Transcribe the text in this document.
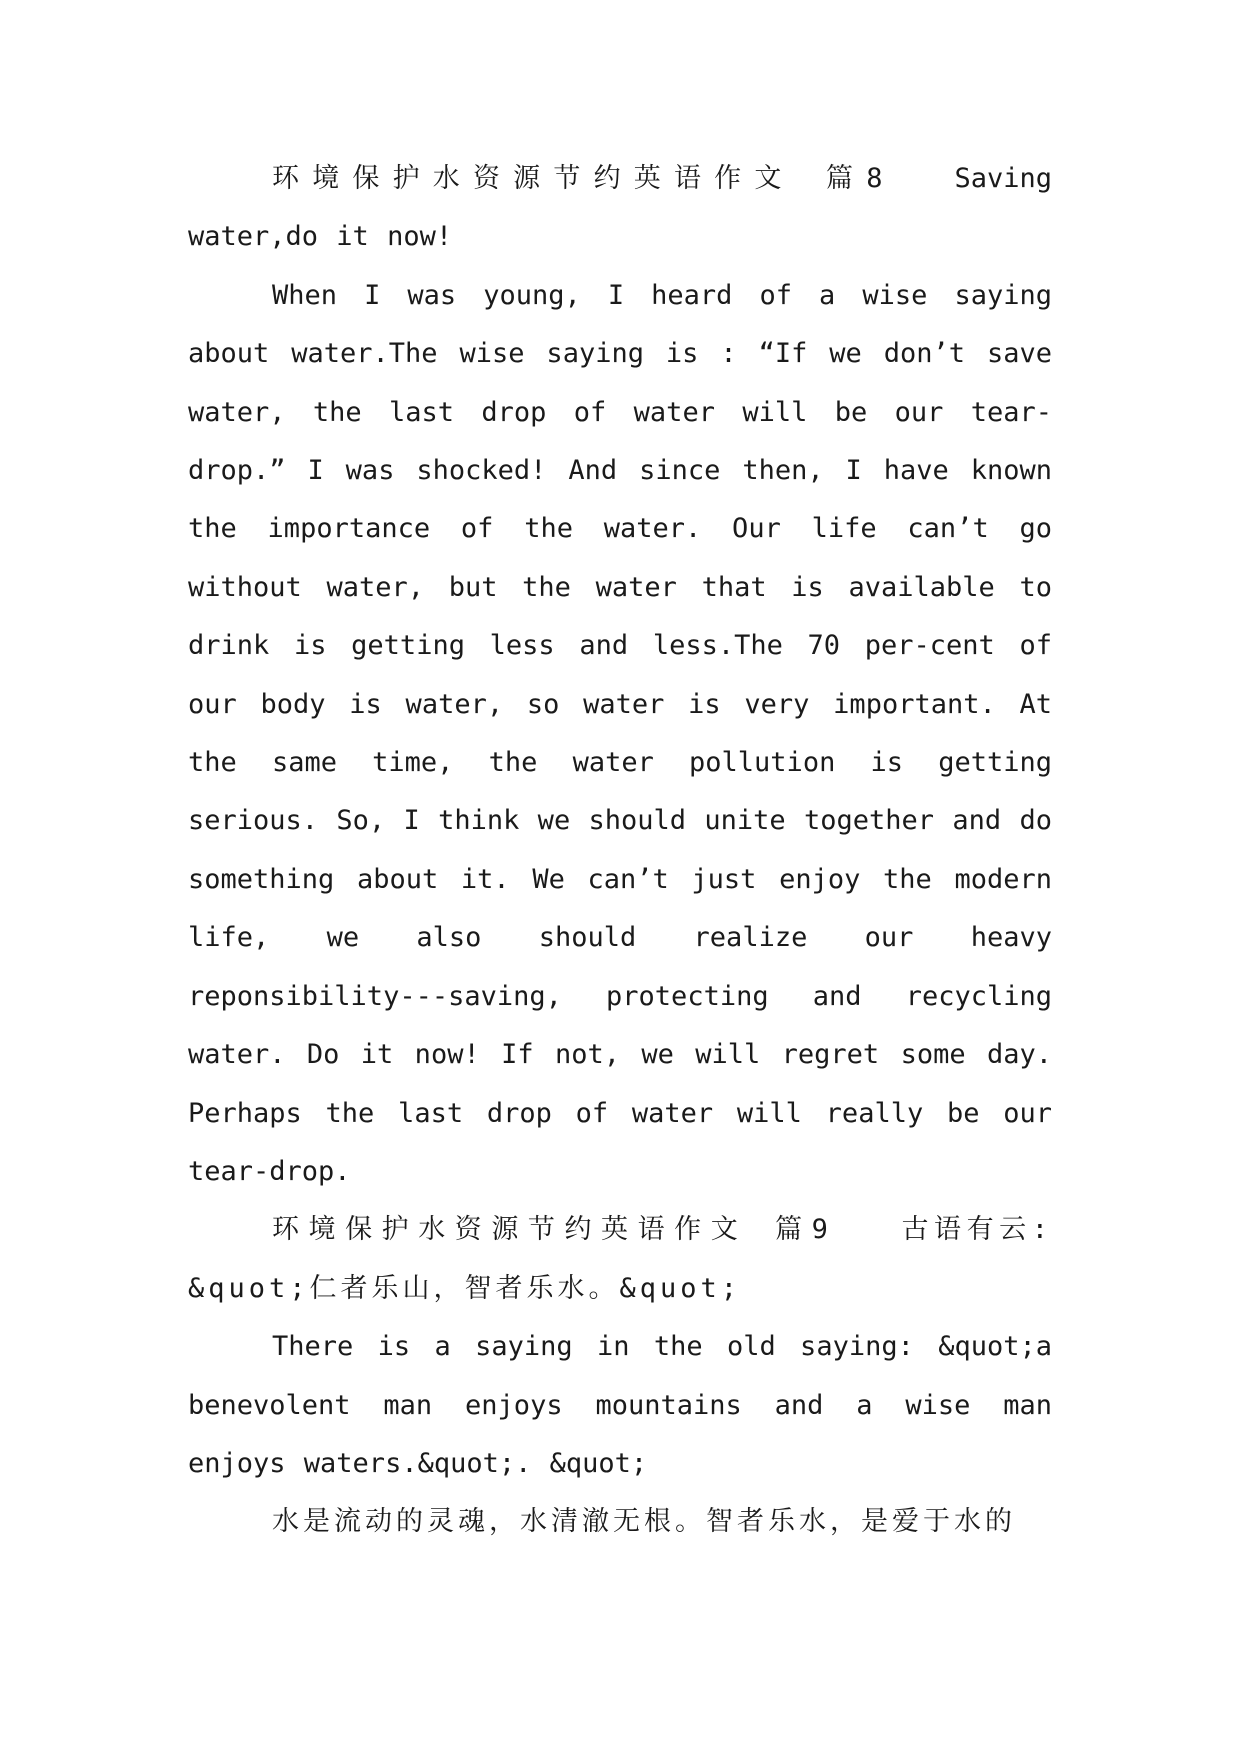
环境保护水资源节约英语作文 篇8 Saving water,do it now!

When I was young, I heard of a wise saying about water.The wise saying is : “If we don’t save water, the last drop of water will be our tear-drop.” I was shocked! And since then, I have known the importance of the water. Our life can’t go without water, but the water that is available to drink is getting less and less.The 70 per-cent of our body is water, so water is very important. At the same time, the water pollution is getting serious. So, I think we should unite together and do something about it. We can’t just enjoy the modern life, we also should realize our heavy reponsibility---saving, protecting and recycling water. Do it now! If not, we will regret some day. Perhaps the last drop of water will really be our tear-drop.

环境保护水资源节约英语作文 篇9 古语有云: &quot;仁者乐山，智者乐水。&quot;

There is a saying in the old saying: &quot;a benevolent man enjoys mountains and a wise man enjoys waters.&quot;. &quot;

水是流动的灵魂，水清澈无根。智者乐水，是爱于水的
